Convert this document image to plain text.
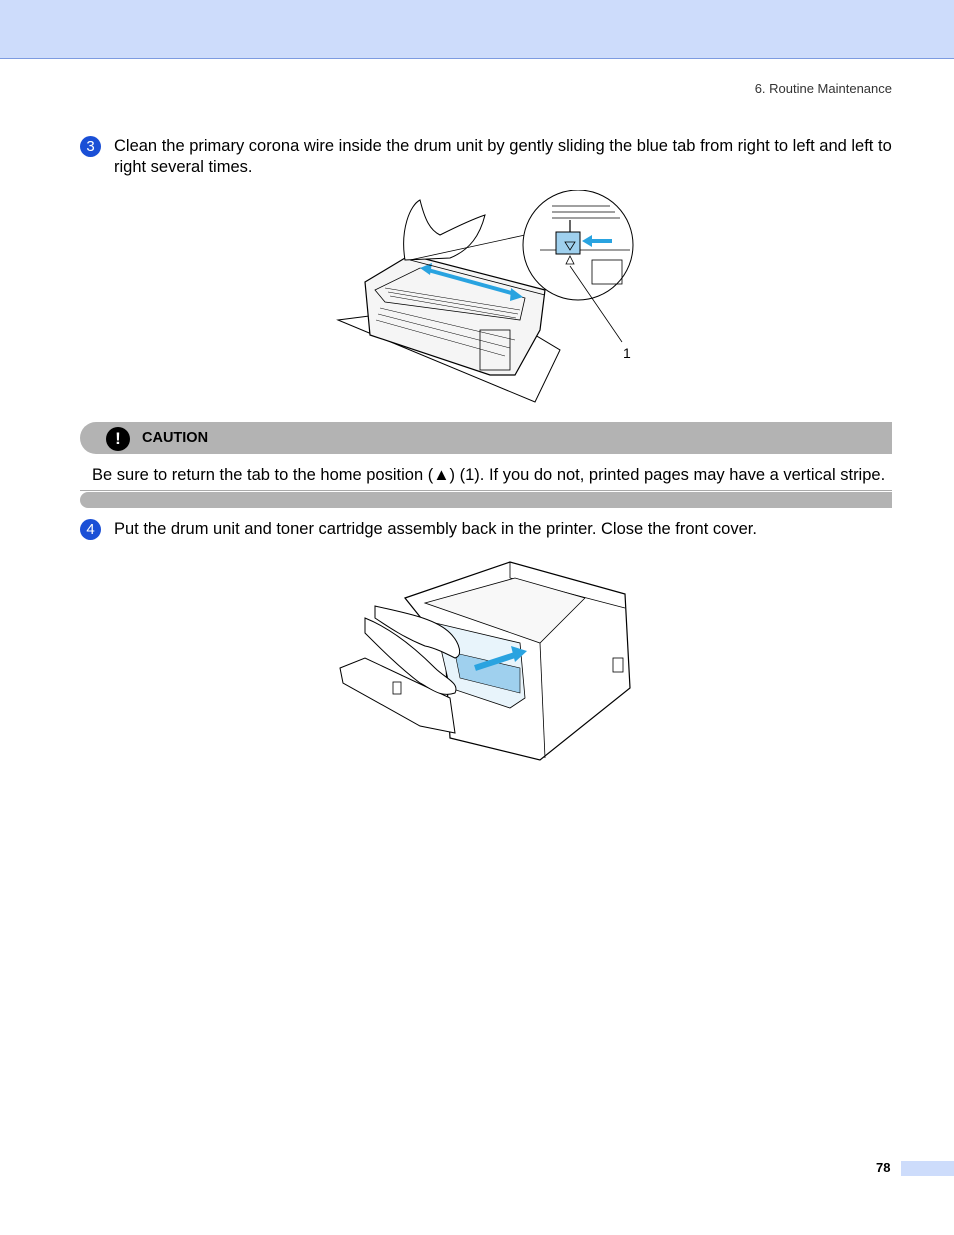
6. Routine Maintenance
3	Clean the primary corona wire inside the drum unit by gently sliding the blue tab from right to left and left to right several times.
1
!	CAUTION
Be sure to return the tab to the home position (▲) (1). If you do not, printed pages may have a vertical stripe.
4	Put the drum unit and toner cartridge assembly back in the printer. Close the front cover.
78
